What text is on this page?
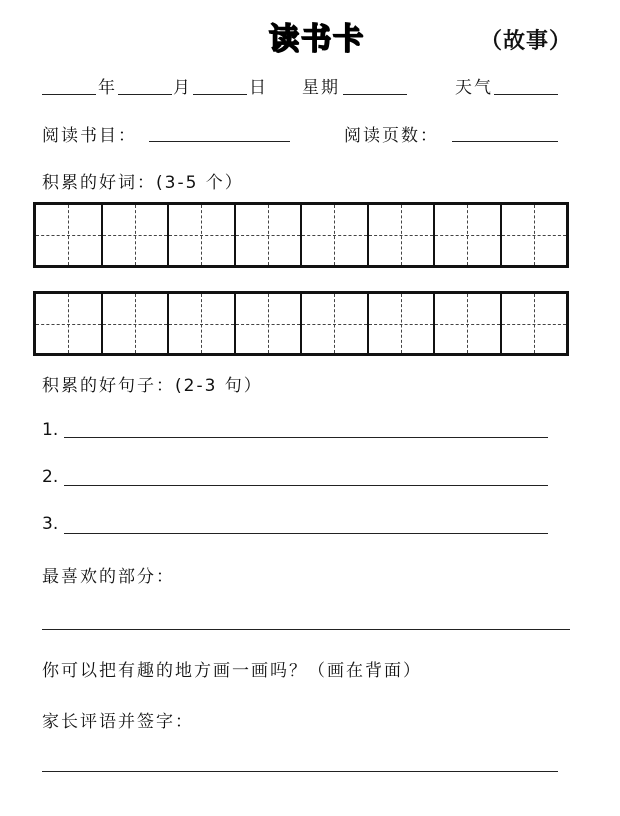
读书卡	（故事）
年	月	日 星期	天气
阅读书目：	阅读页数：
积累的好词：(3-5 个）
积累的好句子：(2-3 句）
1.
2.
3.
最喜欢的部分：
你可以把有趣的地方画一画吗？（画在背面）
家长评语并签字：
